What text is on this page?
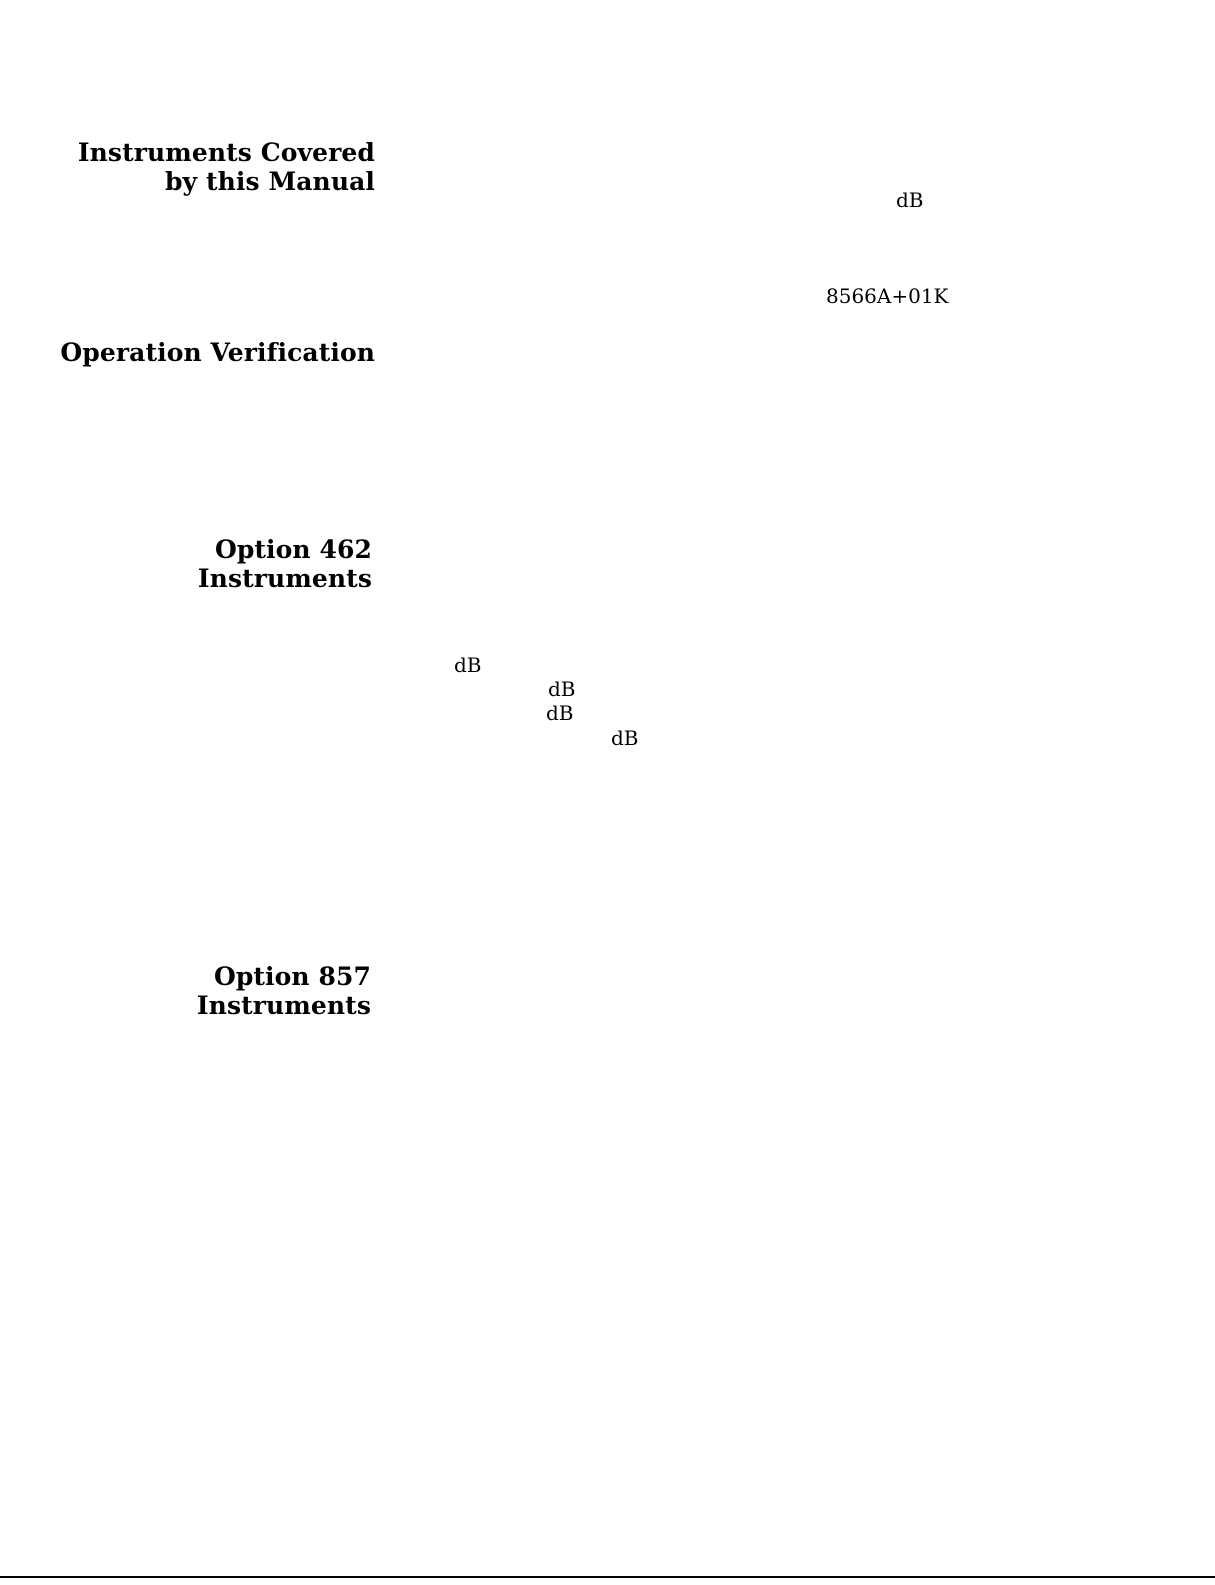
Instruments Covered
by this Manual
Operation Verification
Option 462
Instruments
Option 857
Instruments
dB
8566A+01K
dB
dB
dB
dB
